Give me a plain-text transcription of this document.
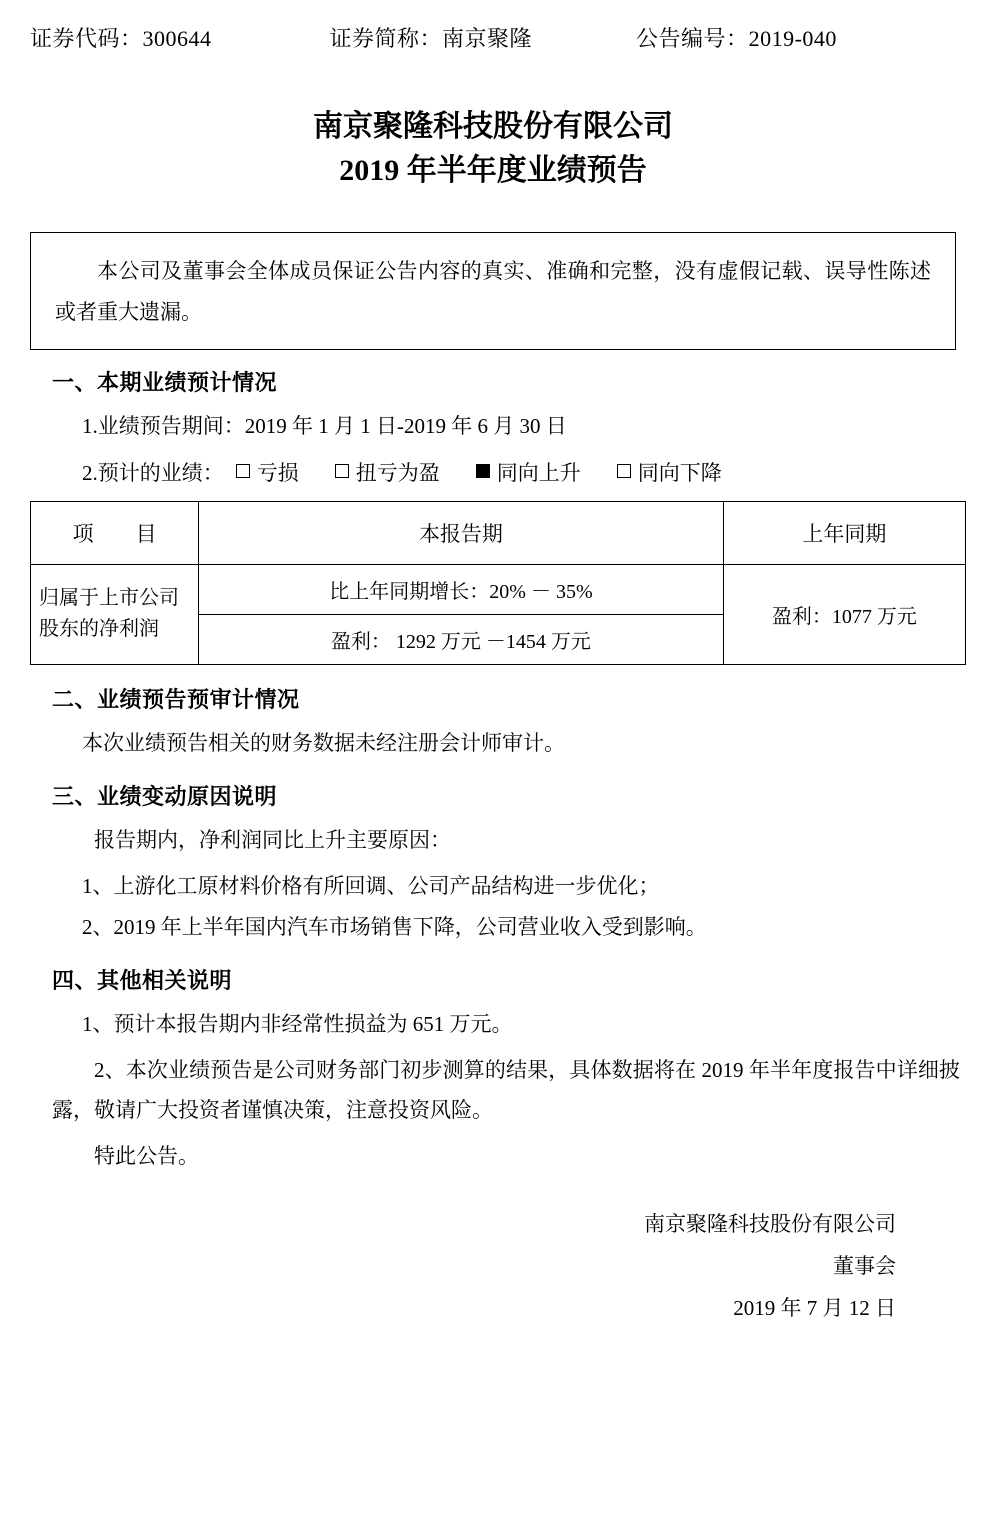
证券代码：300644	证券简称：南京聚隆	公告编号：2019-040
南京聚隆科技股份有限公司
2019 年半年度业绩预告

本公司及董事会全体成员保证公告内容的真实、准确和完整，没有虚假记载、误导性陈述或者重大遗漏。

一、本期业绩预计情况

1.业绩预告期间：2019 年 1 月 1 日-2019 年 6 月 30 日

2.预计的业绩： 亏损	扭亏为盈	同向上升	同向下降
项　　目	本报告期	上年同期
归属于上市公司股东的净利润	比上年同期增长：20% － 35%	盈利：1077 万元
	盈利： 1292 万元 －1454 万元	
二、业绩预告预审计情况

本次业绩预告相关的财务数据未经注册会计师审计。

三、业绩变动原因说明

报告期内，净利润同比上升主要原因：

1、上游化工原材料价格有所回调、公司产品结构进一步优化；

2、2019 年上半年国内汽车市场销售下降，公司营业收入受到影响。

四、其他相关说明

1、预计本报告期内非经常性损益为 651 万元。

2、本次业绩预告是公司财务部门初步测算的结果，具体数据将在 2019 年半年度报告中详细披露，敬请广大投资者谨慎决策，注意投资风险。

特此公告。

南京聚隆科技股份有限公司
董事会
2019 年 7 月 12 日
